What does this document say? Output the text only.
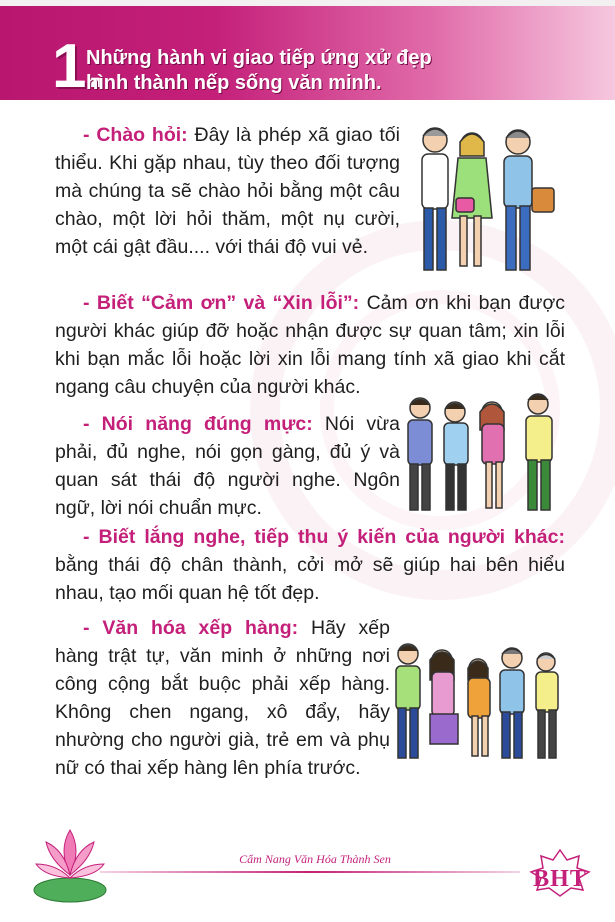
1.
Những hành vi giao tiếp ứng xử đẹp
hình thành nếp sống văn minh.
- Chào hỏi: Đây là phép xã giao tối thiểu. Khi gặp nhau, tùy theo đối tượng mà chúng ta sẽ chào hỏi bằng một câu chào, một lời hỏi thăm, một nụ cười, một cái gật đầu.... với thái độ vui vẻ.
- Biết “Cảm ơn” và “Xin lỗi”: Cảm ơn khi bạn được người khác giúp đỡ hoặc nhận được sự quan tâm; xin lỗi khi bạn mắc lỗi hoặc lời xin lỗi mang tính xã giao khi cắt ngang câu chuyện của người khác.
- Nói năng đúng mực: Nói vừa phải, đủ nghe, nói gọn gàng, đủ ý và quan sát thái độ người nghe. Ngôn ngữ, lời nói chuẩn mực.
- Biết lắng nghe, tiếp thu ý kiến của người khác: bằng thái độ chân thành, cởi mở sẽ giúp hai bên hiểu nhau, tạo mối quan hệ tốt đẹp.
- Văn hóa xếp hàng: Hãy xếp hàng trật tự, văn minh ở những nơi công cộng bắt buộc phải xếp hàng. Không chen ngang, xô đẩy, hãy nhường cho người già, trẻ em và phụ nữ có thai xếp hàng lên phía trước.
Cẩm Nang Văn Hóa Thành Sen
BHT
